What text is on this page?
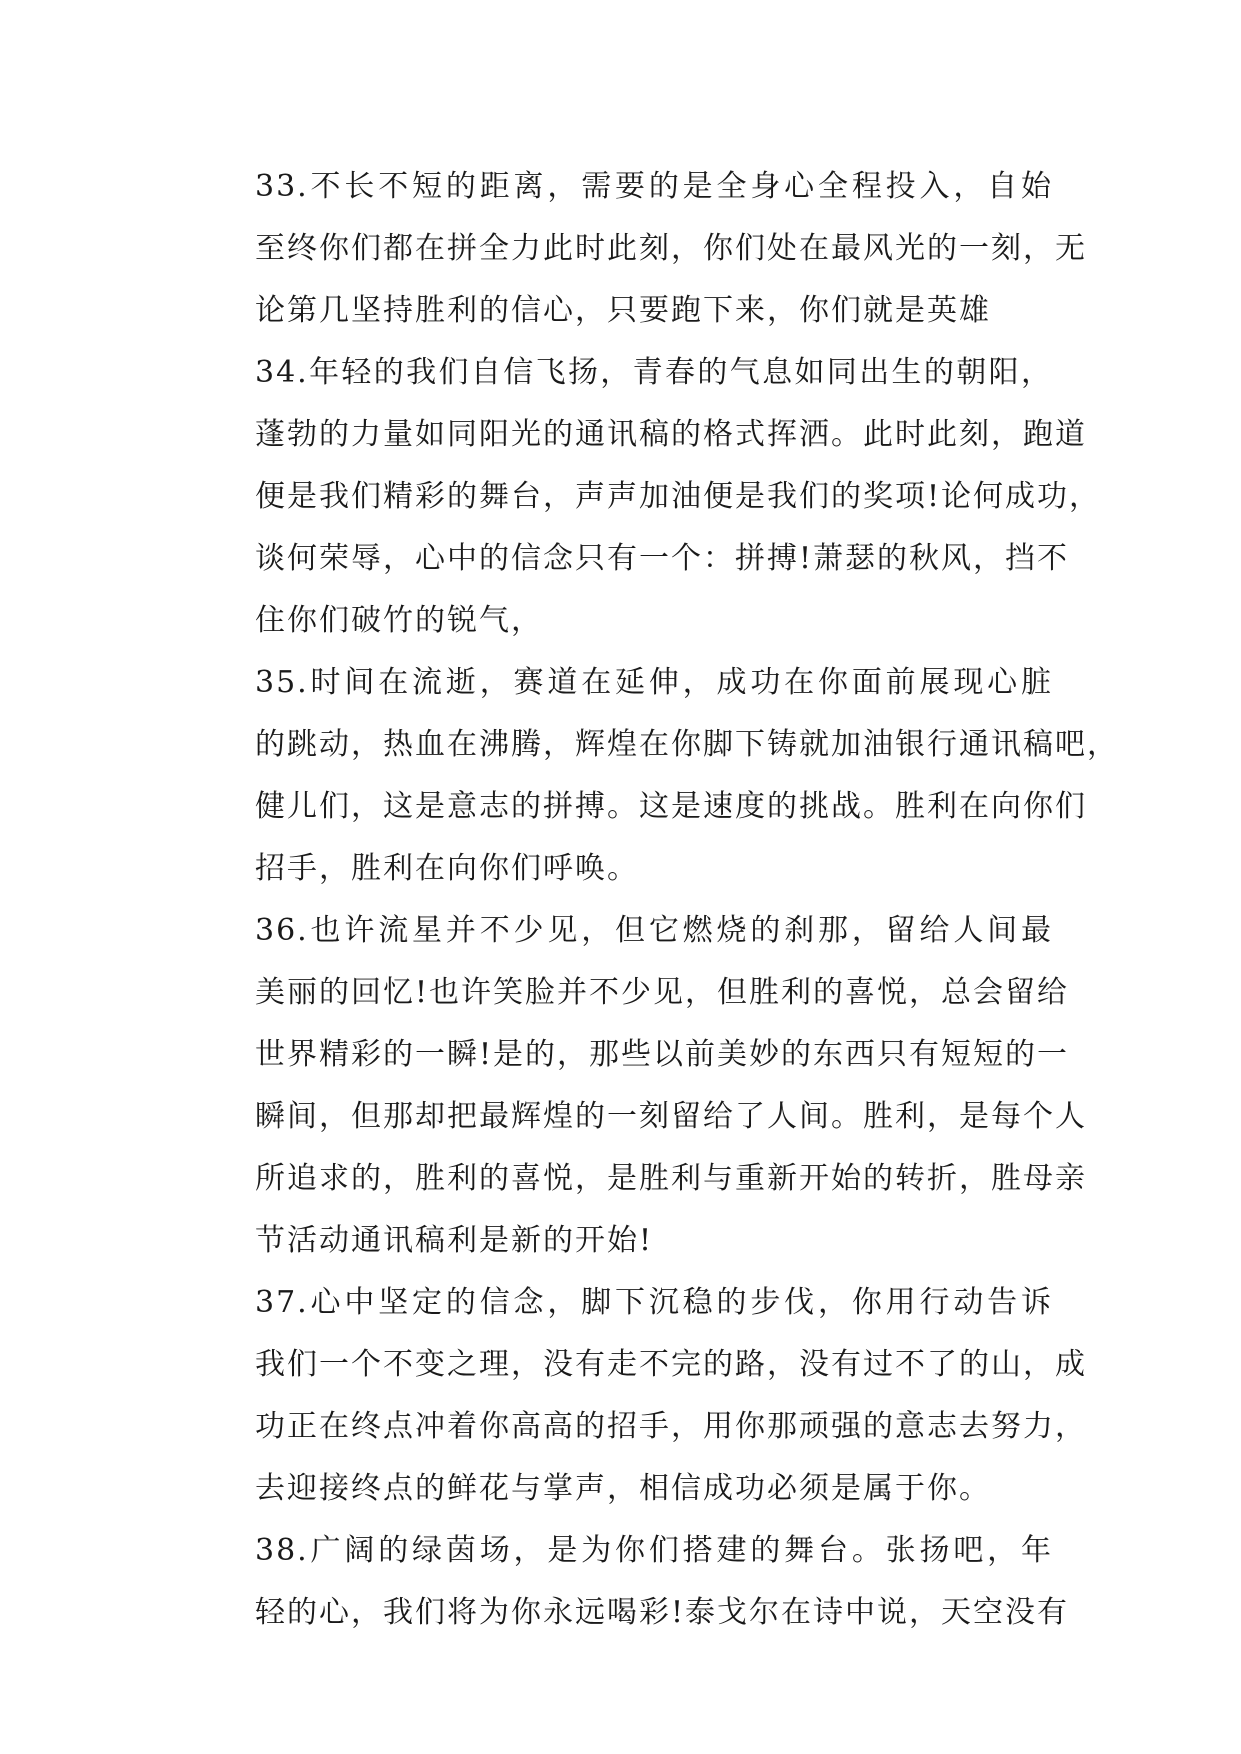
33.不长不短的距离，需要的是全身心全程投入，自始
至终你们都在拼全力此时此刻，你们处在最风光的一刻，无
论第几坚持胜利的信心，只要跑下来，你们就是英雄

34.年轻的我们自信飞扬，青春的气息如同出生的朝阳，
蓬勃的力量如同阳光的通讯稿的格式挥洒。此时此刻，跑道
便是我们精彩的舞台，声声加油便是我们的奖项!论何成功，
谈何荣辱，心中的信念只有一个：拼搏!萧瑟的秋风，挡不
住你们破竹的锐气，

35.时间在流逝，赛道在延伸，成功在你面前展现心脏
的跳动，热血在沸腾，辉煌在你脚下铸就加油银行通讯稿吧，
健儿们，这是意志的拼搏。这是速度的挑战。胜利在向你们
招手，胜利在向你们呼唤。

36.也许流星并不少见，但它燃烧的刹那，留给人间最
美丽的回忆!也许笑脸并不少见，但胜利的喜悦，总会留给
世界精彩的一瞬!是的，那些以前美妙的东西只有短短的一
瞬间，但那却把最辉煌的一刻留给了人间。胜利，是每个人
所追求的，胜利的喜悦，是胜利与重新开始的转折，胜母亲
节活动通讯稿利是新的开始!

37.心中坚定的信念，脚下沉稳的步伐，你用行动告诉
我们一个不变之理，没有走不完的路，没有过不了的山，成
功正在终点冲着你高高的招手，用你那顽强的意志去努力，
去迎接终点的鲜花与掌声，相信成功必须是属于你。

38.广阔的绿茵场，是为你们搭建的舞台。张扬吧，年
轻的心，我们将为你永远喝彩!泰戈尔在诗中说，天空没有
